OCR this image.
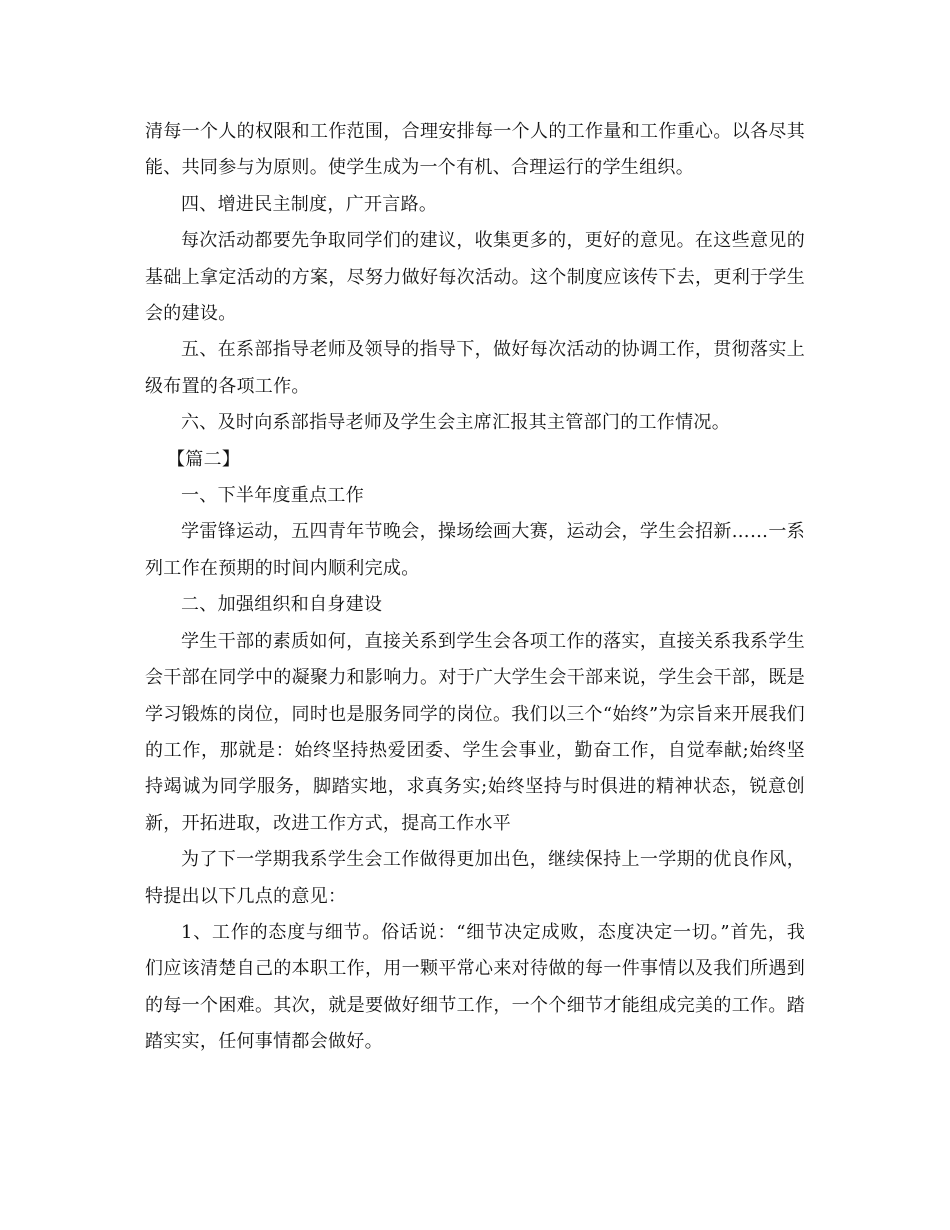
清每一个人的权限和工作范围，合理安排每一个人的工作量和工作重心。以各尽其能、共同参与为原则。使学生成为一个有机、合理运行的学生组织。

四、增进民主制度，广开言路。

每次活动都要先争取同学们的建议，收集更多的，更好的意见。在这些意见的基础上拿定活动的方案，尽努力做好每次活动。这个制度应该传下去，更利于学生会的建设。

五、在系部指导老师及领导的指导下，做好每次活动的协调工作，贯彻落实上级布置的各项工作。

六、及时向系部指导老师及学生会主席汇报其主管部门的工作情况。

【篇二】

一、下半年度重点工作

学雷锋运动，五四青年节晚会，操场绘画大赛，运动会，学生会招新……一系列工作在预期的时间内顺利完成。

二、加强组织和自身建设

学生干部的素质如何，直接关系到学生会各项工作的落实，直接关系我系学生会干部在同学中的凝聚力和影响力。对于广大学生会干部来说，学生会干部，既是学习锻炼的岗位，同时也是服务同学的岗位。我们以三个“始终”为宗旨来开展我们的工作，那就是：始终坚持热爱团委、学生会事业，勤奋工作，自觉奉献;始终坚持竭诚为同学服务，脚踏实地，求真务实;始终坚持与时俱进的精神状态，锐意创新，开拓进取，改进工作方式，提高工作水平

为了下一学期我系学生会工作做得更加出色，继续保持上一学期的优良作风，特提出以下几点的意见：

1、工作的态度与细节。俗话说：“细节决定成败，态度决定一切。”首先，我们应该清楚自己的本职工作，用一颗平常心来对待做的每一件事情以及我们所遇到的每一个困难。其次，就是要做好细节工作，一个个细节才能组成完美的工作。踏踏实实，任何事情都会做好。
